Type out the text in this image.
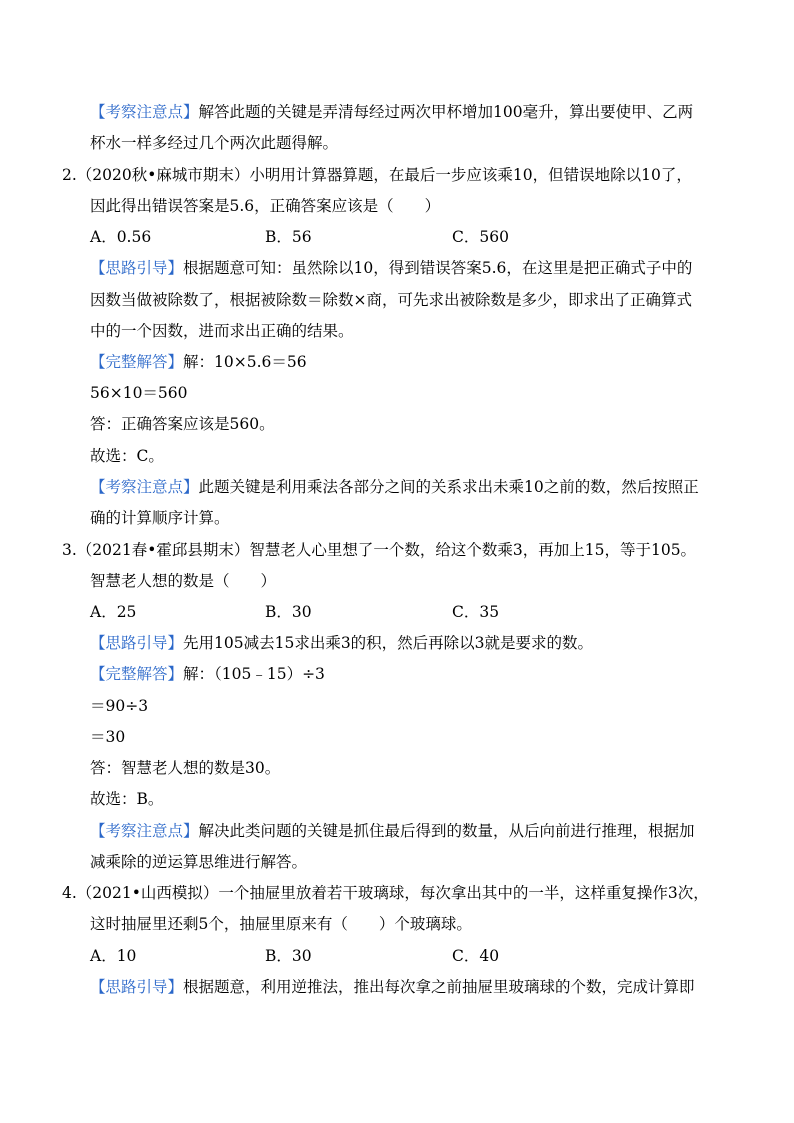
【考察注意点】解答此题的关键是弄清每经过两次甲杯增加100毫升，算出要使甲、乙两
杯水一样多经过几个两次此题得解。
2.（2020秋•麻城市期末）小明用计算器算题，在最后一步应该乘10，但错误地除以10了，
因此得出错误答案是5.6，正确答案应该是（　　）
A．0.56	B．56	C．560
【思路引导】根据题意可知：虽然除以10，得到错误答案5.6，在这里是把正确式子中的
因数当做被除数了，根据被除数＝除数×商，可先求出被除数是多少，即求出了正确算式
中的一个因数，进而求出正确的结果。
【完整解答】解：10×5.6＝56
56×10＝560
答：正确答案应该是560。
故选：C。
【考察注意点】此题关键是利用乘法各部分之间的关系求出未乘10之前的数，然后按照正
确的计算顺序计算。
3.（2021春•霍邱县期末）智慧老人心里想了一个数，给这个数乘3，再加上15，等于105。
智慧老人想的数是（　　）
A．25	B．30	C．35
【思路引导】先用105减去15求出乘3的积，然后再除以3就是要求的数。
【完整解答】解：（105﹣15）÷3
＝90÷3
＝30
答：智慧老人想的数是30。
故选：B。
【考察注意点】解决此类问题的关键是抓住最后得到的数量，从后向前进行推理，根据加
减乘除的逆运算思维进行解答。
4.（2021•山西模拟）一个抽屉里放着若干玻璃球，每次拿出其中的一半，这样重复操作3次，
这时抽屉里还剩5个，抽屉里原来有（　　）个玻璃球。
A．10	B．30	C．40
【思路引导】根据题意，利用逆推法，推出每次拿之前抽屉里玻璃球的个数，完成计算即
